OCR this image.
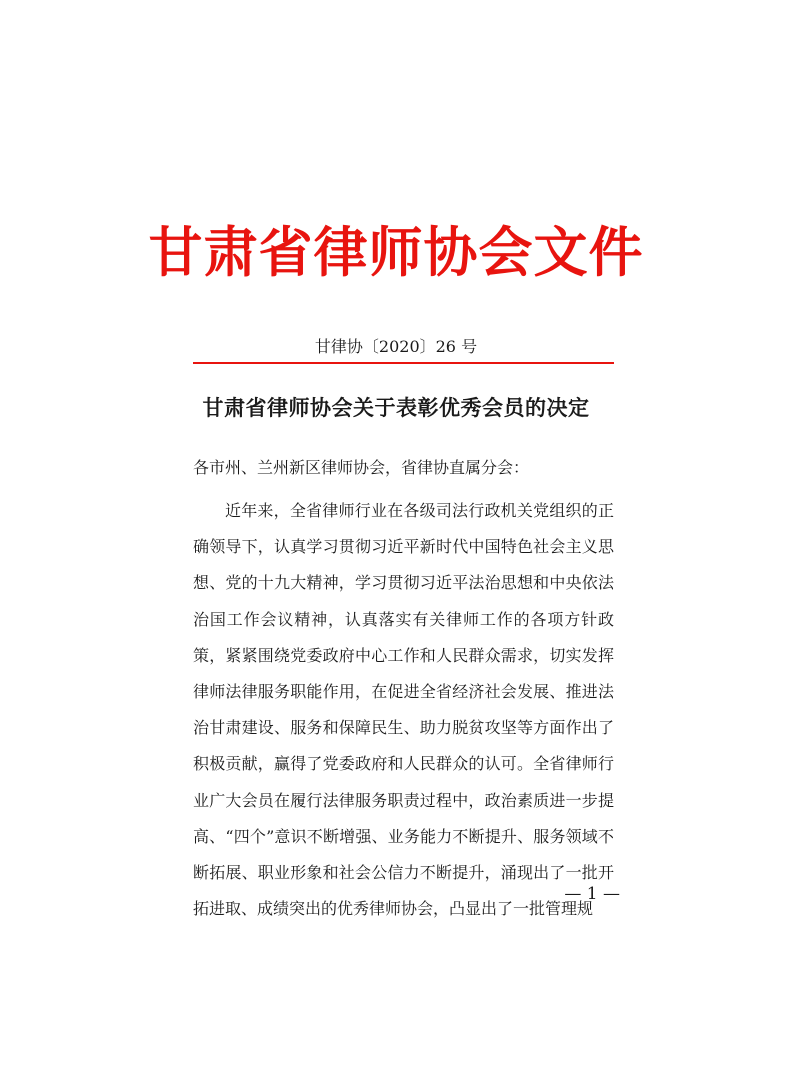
甘肃省律师协会文件
甘律协〔2020〕26 号
甘肃省律师协会关于表彰优秀会员的决定
各市州、兰州新区律师协会，省律协直属分会：

近年来，全省律师行业在各级司法行政机关党组织的正确领导下，认真学习贯彻习近平新时代中国特色社会主义思想、党的十九大精神，学习贯彻习近平法治思想和中央依法治国工作会议精神，认真落实有关律师工作的各项方针政策，紧紧围绕党委政府中心工作和人民群众需求，切实发挥律师法律服务职能作用，在促进全省经济社会发展、推进法治甘肃建设、服务和保障民生、助力脱贫攻坚等方面作出了积极贡献，赢得了党委政府和人民群众的认可。全省律师行业广大会员在履行法律服务职责过程中，政治素质进一步提高、“四个”意识不断增强、业务能力不断提升、服务领域不断拓展、职业形象和社会公信力不断提升，涌现出了一批开拓进取、成绩突出的优秀律师协会，凸显出了一批管理规

— 1 —
